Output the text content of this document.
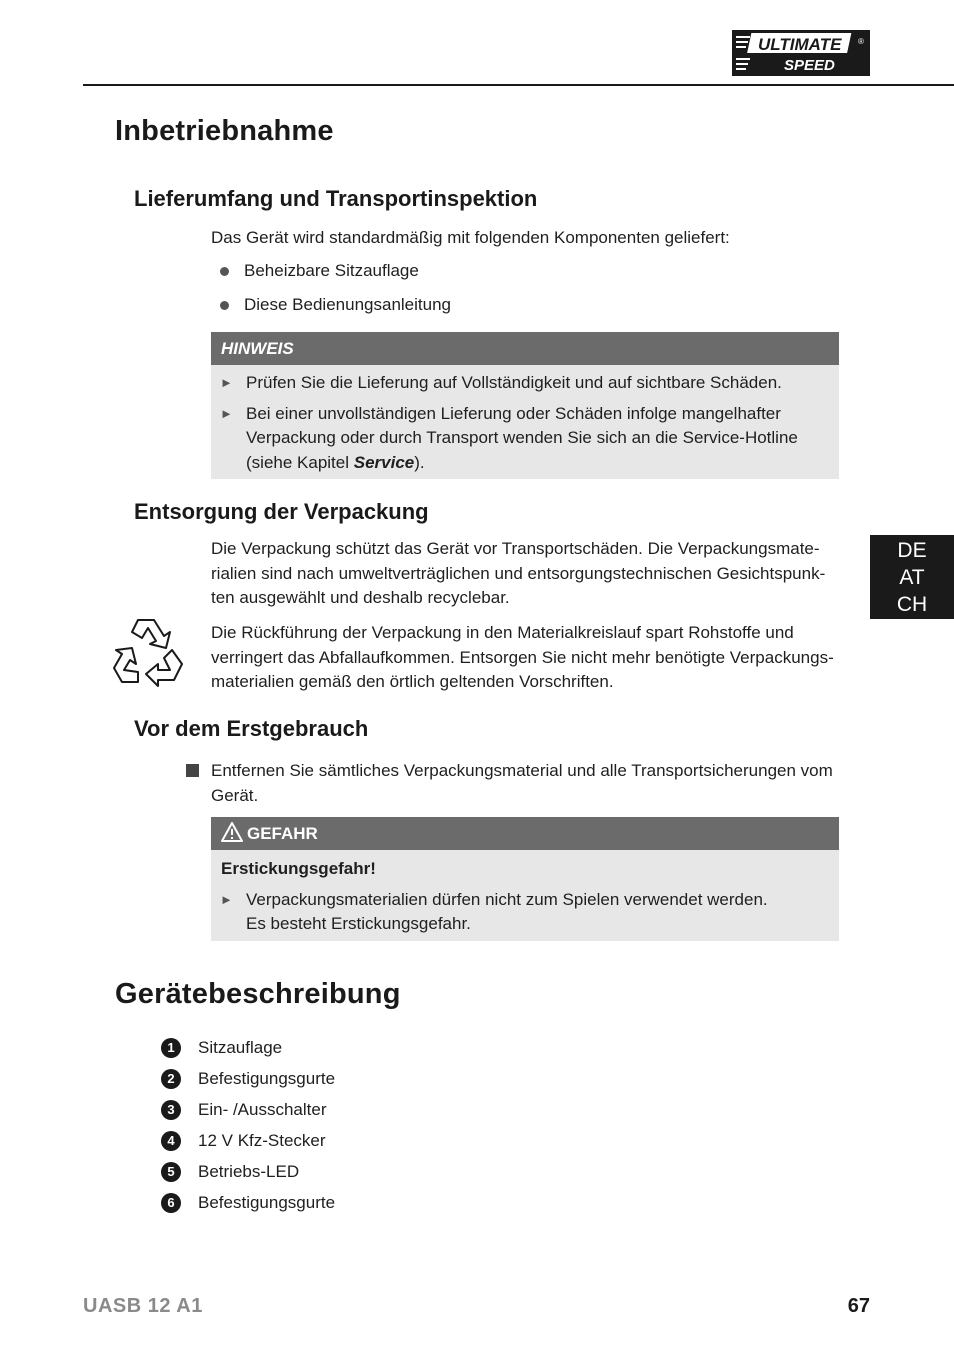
ULTIMATE
SPEED
®
Inbetriebnahme
Lieferumfang und Transportinspektion
Das Gerät wird standardmäßig mit folgenden Komponenten geliefert:
Beheizbare Sitzauflage
Diese Bedienungsanleitung
HINWEIS
► Prüfen Sie die Lieferung auf Vollständigkeit und auf sichtbare Schäden.
► Bei einer unvollständigen Lieferung oder Schäden infolge mangelhafter
Verpackung oder durch Transport wenden Sie sich an die Service-Hotline
(siehe Kapitel Service).
Entsorgung der Verpackung
Die Verpackung schützt das Gerät vor Transportschäden. Die Verpackungsmate-
rialien sind nach umweltverträglichen und entsorgungstechnischen Gesichtspunk-
ten ausgewählt und deshalb recyclebar.
Die Rückführung der Verpackung in den Materialkreislauf spart Rohstoffe und
verringert das Abfallaufkommen. Entsorgen Sie nicht mehr benötigte Verpackungs-
materialien gemäß den örtlich geltenden Vorschriften.
DE
AT
CH
Vor dem Erstgebrauch
Entfernen Sie sämtliches Verpackungsmaterial und alle Transportsicherungen vom
Gerät.
GEFAHR
Erstickungsgefahr!
► Verpackungsmaterialien dürfen nicht zum Spielen verwendet werden.
Es besteht Erstickungsgefahr.
Gerätebeschreibung
1	Sitzauflage
2	Befestigungsgurte
3	Ein- /Ausschalter
4	12 V Kfz-Stecker
5	Betriebs-LED
6	Befestigungsgurte
UASB 12 A1	67
